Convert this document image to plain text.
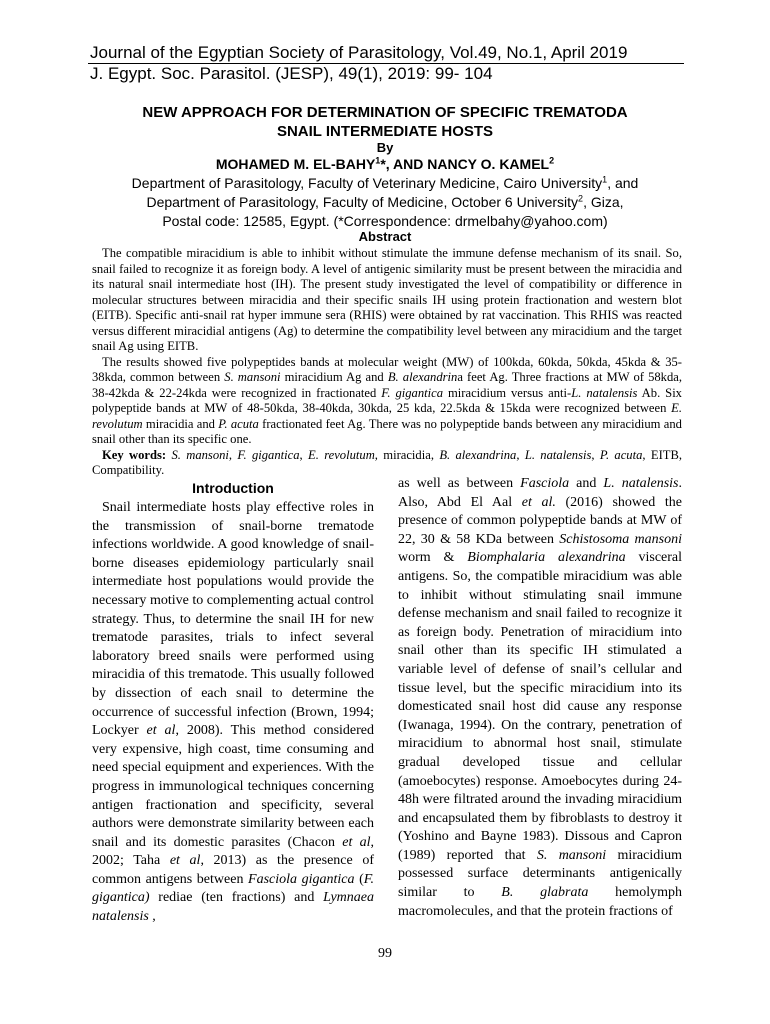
Journal of the Egyptian Society of Parasitology, Vol.49, No.1, April 2019
J. Egypt. Soc. Parasitol. (JESP), 49(1), 2019: 99- 104
NEW APPROACH FOR DETERMINATION OF SPECIFIC TREMATODA
SNAIL INTERMEDIATE HOSTS
By
MOHAMED M. EL-BAHY$^1$*, AND NANCY O. KAMEL$^2$
Department of Parasitology, Faculty of Veterinary Medicine, Cairo University$^1$, and
Department of Parasitology, Faculty of Medicine, October 6 University$^2$, Giza,
Postal code: 12585, Egypt. (*Correspondence: drmelbahy@yahoo.com)
Abstract

The compatible miracidium is able to inhibit without stimulate the immune defense mechanism of its snail. So, snail failed to recognize it as foreign body. A level of antigenic similarity must be present between the miracidia and its natural snail intermediate host (IH). The present study investigated the level of compatibility or difference in molecular structures between miracidia and their specific snails IH using protein fractionation and western blot (EITB). Specific anti-snail rat hyper immune sera (RHIS) were obtained by rat vaccination. This RHIS was reacted versus different miracidial antigens (Ag) to determine the compatibility level between any miracidium and the target snail Ag using EITB.

The results showed five polypeptides bands at molecular weight (MW) of 100kda, 60kda, 50kda, 45kda & 35-38kda, common between S. mansoni miracidium Ag and B. alexandrina feet Ag. Three fractions at MW of 58kda, 38-42kda & 22-24kda were recognized in fractionated F. gigantica miracidium versus anti-L. natalensis Ab. Six polypeptide bands at MW of 48-50kda, 38-40kda, 30kda, 25 kda, 22.5kda & 15kda were recognized between E. revolutum miracidia and P. acuta fractionated feet Ag. There was no polypeptide bands between any miracidium and snail other than its specific one.

Key words: S. mansoni, F. gigantica, E. revolutum, miracidia, B. alexandrina, L. natalensis, P. acuta, EITB, Compatibility.

Introduction

Snail intermediate hosts play effective roles in the transmission of snail-borne trematode infections worldwide. A good knowledge of snail-borne diseases epidemiology particularly snail intermediate host populations would provide the necessary motive to complementing actual control strategy. Thus, to determine the snail IH for new trematode parasites, trials to infect several laboratory breed snails were performed using miracidia of this trematode. This usually followed by dissection of each snail to determine the occurrence of successful infection (Brown, 1994; Lockyer et al, 2008). This method considered very expensive, high coast, time consuming and need special equipment and experiences. With the progress in immunological techniques concerning antigen fractionation and specificity, several authors were demonstrate similarity between each snail and its domestic parasites (Chacon et al, 2002; Taha et al, 2013) as the presence of common antigens between Fasciola gigantica (F. gigantica) rediae (ten fractions) and Lymnaea natalensis ,

as well as between Fasciola and L. natalensis. Also, Abd El Aal et al. (2016) showed the presence of common polypeptide bands at MW of 22, 30 & 58 KDa between Schistosoma mansoni worm & Biomphalaria alexandrina visceral antigens. So, the compatible miracidium was able to inhibit without stimulating snail immune defense mechanism and snail failed to recognize it as foreign body. Penetration of miracidium into snail other than its specific IH stimulated a variable level of defense of snail’s cellular and tissue level, but the specific miracidium into its domesticated snail host did cause any response (Iwanaga, 1994). On the contrary, penetration of miracidium to abnormal host snail, stimulate gradual developed tissue and cellular (amoebocytes) response. Amoebocytes during 24-48h were filtrated around the invading miracidium and encapsulated them by fibroblasts to destroy it (Yoshino and Bayne 1983). Dissous and Capron (1989) reported that S. mansoni miracidium possessed surface determinants antigenically similar to B. glabrata hemolymph macromolecules, and that the protein fractions of

99
